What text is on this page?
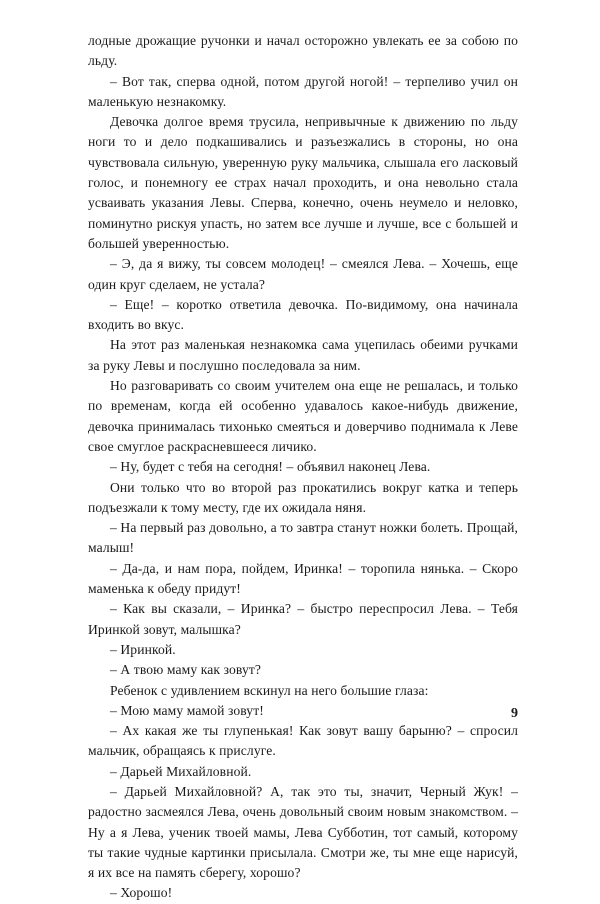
лодные дрожащие ручонки и начал осторожно увлекать ее за собою по льду.

– Вот так, сперва одной, потом другой ногой! – терпеливо учил он маленькую незнакомку.

Девочка долгое время трусила, непривычные к движению по льду ноги то и дело подкашивались и разъезжались в стороны, но она чувствовала сильную, уверенную руку мальчика, слышала его ласковый голос, и понемногу ее страх начал проходить, и она невольно стала усваивать указания Левы. Сперва, конечно, очень неумело и неловко, поминутно рискуя упасть, но затем все лучше и лучше, все с большей и большей уверенностью.

– Э, да я вижу, ты совсем молодец! – смеялся Лева. – Хочешь, еще один круг сделаем, не устала?

– Еще! – коротко ответила девочка. По-видимому, она начинала входить во вкус.

На этот раз маленькая незнакомка сама уцепилась обеими ручками за руку Левы и послушно последовала за ним.

Но разговаривать со своим учителем она еще не решалась, и только по временам, когда ей особенно удавалось какое-нибудь движение, девочка принималась тихонько смеяться и доверчиво поднимала к Леве свое смуглое раскрасневшееся личико.

– Ну, будет с тебя на сегодня! – объявил наконец Лева.

Они только что во второй раз прокатились вокруг катка и теперь подъезжали к тому месту, где их ожидала няня.

– На первый раз довольно, а то завтра станут ножки болеть. Прощай, малыш!

– Да-да, и нам пора, пойдем, Иринка! – торопила нянька. – Скоро маменька к обеду придут!

– Как вы сказали, – Иринка? – быстро переспросил Лева. – Тебя Иринкой зовут, малышка?

– Иринкой.

– А твою маму как зовут?

Ребенок с удивлением вскинул на него большие глаза:

– Мою маму мамой зовут!

– Ах какая же ты глупенькая! Как зовут вашу барыню? – спросил мальчик, обращаясь к прислуге.

– Дарьей Михайловной.

– Дарьей Михайловной? А, так это ты, значит, Черный Жук! – радостно засмеялся Лева, очень довольный своим новым знакомством. – Ну а я Лева, ученик твоей мамы, Лева Субботин, тот самый, которому ты такие чудные картинки присылала. Смотри же, ты мне еще нарисуй, я их все на память сберегу, хорошо?

– Хорошо!

9
